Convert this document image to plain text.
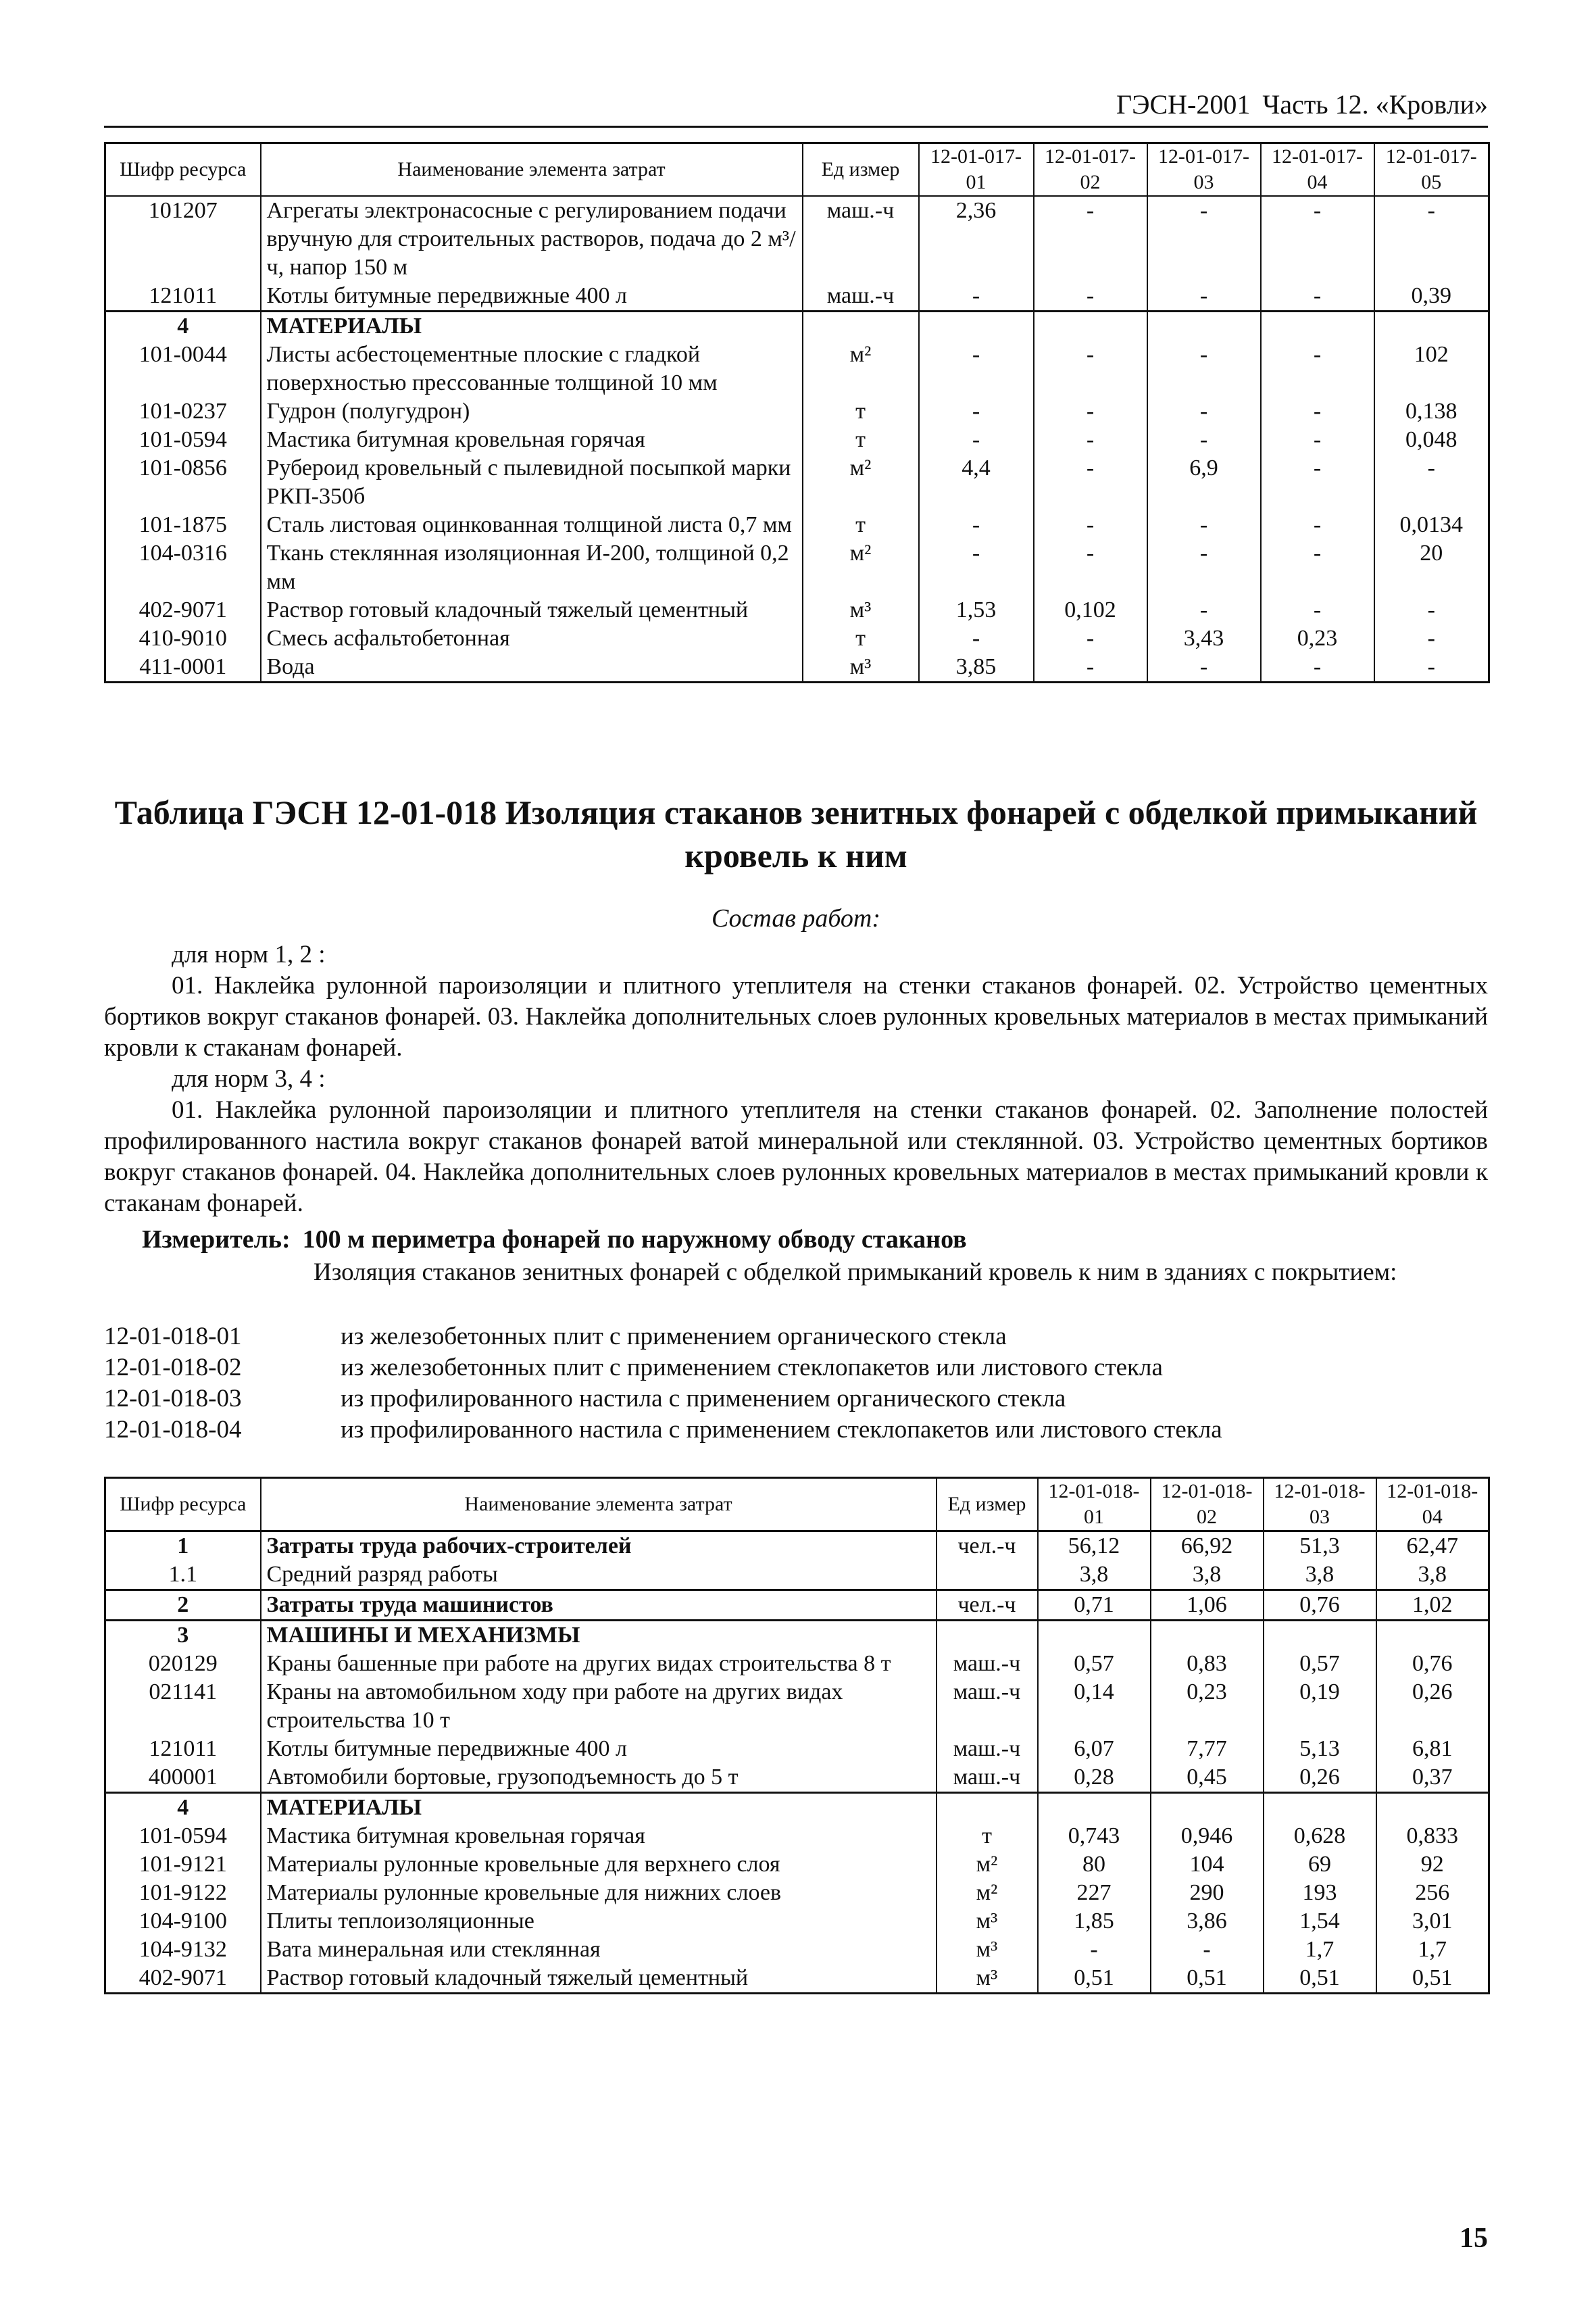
ГЭСН-2001 Часть 12. «Кровли»
Шифр ресурса	Наименование элемента затрат	Ед измер	12-01-017-01	12-01-017-02	12-01-017-03	12-01-017-04	12-01-017-05
101207	Агрегаты электронасосные с регулированием подачи вручную для строительных растворов, подача до 2 м³/ч, напор 150 м	маш.-ч	2,36	-	-	-	-
121011	Котлы битумные передвижные 400 л	маш.-ч	-	-	-	-	0,39
4	МАТЕРИАЛЫ						
101-0044	Листы асбестоцементные плоские с гладкой поверхностью прессованные толщиной 10 мм	м²	-	-	-	-	102
101-0237	Гудрон (полугудрон)	т	-	-	-	-	0,138
101-0594	Мастика битумная кровельная горячая	т	-	-	-	-	0,048
101-0856	Рубероид кровельный с пылевидной посыпкой марки РКП-350б	м²	4,4	-	6,9	-	-
101-1875	Сталь листовая оцинкованная толщиной листа 0,7 мм	т	-	-	-	-	0,0134
104-0316	Ткань стеклянная изоляционная И-200, толщиной 0,2 мм	м²	-	-	-	-	20
402-9071	Раствор готовый кладочный тяжелый цементный	м³	1,53	0,102	-	-	-
410-9010	Смесь асфальтобетонная	т	-	-	3,43	0,23	-
411-0001	Вода	м³	3,85	-	-	-	-
Таблица ГЭСН 12-01-018 Изоляция стаканов зенитных фонарей с обделкой примыканий кровель к ним
Состав работ:

для норм 1, 2 :

01. Наклейка рулонной пароизоляции и плитного утеплителя на стенки стаканов фонарей. 02. Устройство цементных бортиков вокруг стаканов фонарей. 03. Наклейка дополнительных слоев рулонных кровельных материалов в местах примыканий кровли к стаканам фонарей.

для норм 3, 4 :

01. Наклейка рулонной пароизоляции и плитного утеплителя на стенки стаканов фонарей. 02. Заполнение полостей профилированного настила вокруг стаканов фонарей ватой минеральной или стеклянной. 03. Устройство цементных бортиков вокруг стаканов фонарей. 04. Наклейка дополнительных слоев рулонных кровельных материалов в местах примыканий кровли к стаканам фонарей.

Измеритель: 100 м периметра фонарей по наружному обводу стаканов
Изоляция стаканов зенитных фонарей с обделкой примыканий кровель к ним в зданиях с покрытием:
12-01-018-01	из железобетонных плит с применением органического стекла
12-01-018-02	из железобетонных плит с применением стеклопакетов или листового стекла
12-01-018-03	из профилированного настила с применением органического стекла
12-01-018-04	из профилированного настила с применением стеклопакетов или листового стекла
Шифр ресурса	Наименование элемента затрат	Ед измер	12-01-018-01	12-01-018-02	12-01-018-03	12-01-018-04
1	Затраты труда рабочих-строителей	чел.-ч	56,12	66,92	51,3	62,47
1.1	Средний разряд работы		3,8	3,8	3,8	3,8
2	Затраты труда машинистов	чел.-ч	0,71	1,06	0,76	1,02
3	МАШИНЫ И МЕХАНИЗМЫ					
020129	Краны башенные при работе на других видах строительства 8 т	маш.-ч	0,57	0,83	0,57	0,76
021141	Краны на автомобильном ходу при работе на других видах строительства 10 т	маш.-ч	0,14	0,23	0,19	0,26
121011	Котлы битумные передвижные 400 л	маш.-ч	6,07	7,77	5,13	6,81
400001	Автомобили бортовые, грузоподъемность до 5 т	маш.-ч	0,28	0,45	0,26	0,37
4	МАТЕРИАЛЫ					
101-0594	Мастика битумная кровельная горячая	т	0,743	0,946	0,628	0,833
101-9121	Материалы рулонные кровельные для верхнего слоя	м²	80	104	69	92
101-9122	Материалы рулонные кровельные для нижних слоев	м²	227	290	193	256
104-9100	Плиты теплоизоляционные	м³	1,85	3,86	1,54	3,01
104-9132	Вата минеральная или стеклянная	м³	-	-	1,7	1,7
402-9071	Раствор готовый кладочный тяжелый цементный	м³	0,51	0,51	0,51	0,51
15
